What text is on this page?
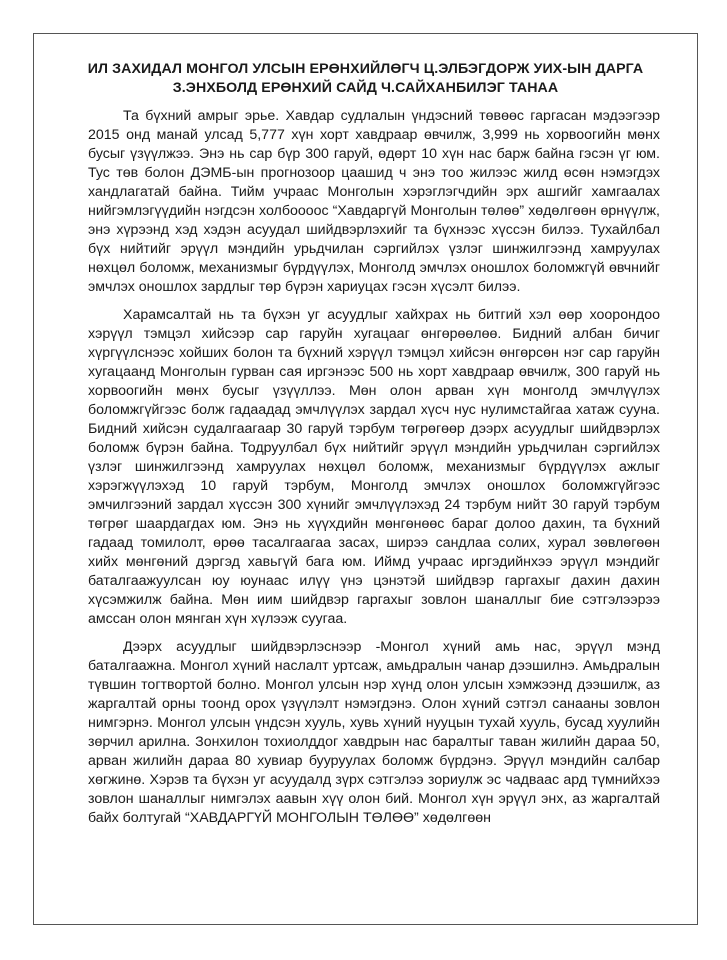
ИЛ ЗАХИДАЛ МОНГОЛ УЛСЫН ЕРӨНХИЙЛӨГЧ Ц.ЭЛБЭГДОРЖ УИХ-ЫН ДАРГА
З.ЭНХБОЛД ЕРӨНХИЙ САЙД Ч.САЙХАНБИЛЭГ ТАНАА

Та бүхний амрыг эрье. Хавдар судлалын үндэсний төвөөс гаргасан мэдээгээр 2015 онд манай улсад 5,777 хүн хорт хавдраар өвчилж, 3,999 нь хорвоогийн мөнх бусыг үзүүлжээ. Энэ нь сар бүр 300 гаруй, өдөрт 10 хүн нас барж байна гэсэн үг юм. Тус төв болон ДЭМБ-ын прогнозоор цаашид ч энэ тоо жилээс жилд өсөн нэмэгдэх хандлагатай байна. Тийм учраас Монголын хэрэглэгчдийн эрх ашгийг хамгаалах нийгэмлэгүүдийн нэгдсэн холбоооос “Хавдаргүй Монголын төлөө” хөдөлгөөн өрнүүлж, энэ хүрээнд хэд хэдэн асуудал шийдвэрлэхийг та бүхнээс хүссэн билээ. Тухайлбал бүх нийтийг эрүүл мэндийн урьдчилан сэргийлэх үзлэг шинжилгээнд хамруулах нөхцөл боломж, механизмыг бүрдүүлэх, Монголд эмчлэх оношлох боломжгүй өвчнийг эмчлэх оношлох зардлыг төр бүрэн хариуцах гэсэн хүсэлт билээ.

Харамсалтай нь та бүхэн уг асуудлыг хайхрах нь битгий хэл өөр хоорондоо хэрүүл тэмцэл хийсээр сар гаруйн хугацааг өнгөрөөлөө. Бидний албан бичиг хүргүүлснээс хойших болон та бүхний хэрүүл тэмцэл хийсэн өнгөрсөн нэг сар гаруйн хугацаанд Монголын гурван сая иргэнээс 500 нь хорт хавдраар өвчилж, 300 гаруй нь хорвоогийн мөнх бусыг үзүүллээ. Мөн олон арван хүн монголд эмчлүүлэх боломжгүйгээс болж гадаадад эмчлүүлэх зардал хүсч нус нулимстайгаа хатаж сууна. Бидний хийсэн судалгаагаар 30 гаруй тэрбум төгрөгөөр дээрх асуудлыг шийдвэрлэх боломж бүрэн байна. Тодруулбал бүх нийтийг эрүүл мэндийн урьдчилан сэргийлэх үзлэг шинжилгээнд хамруулах нөхцөл боломж, механизмыг бүрдүүлэх ажлыг хэрэгжүүлэхэд 10 гаруй тэрбум, Монголд эмчлэх оношлох боломжгүйгээс эмчилгээний зардал хүссэн 300 хүнийг эмчлүүлэхэд 24 тэрбум нийт 30 гаруй тэрбум төгрөг шаардагдах юм. Энэ нь хүүхдийн мөнгөнөөс бараг долоо дахин, та бүхний гадаад томилолт, өрөө тасалгаагаа засах, ширээ сандлаа солих, хурал зөвлөгөөн хийх мөнгөний дэргэд хавьгүй бага юм. Иймд учраас иргэдийнхээ эрүүл мэндийг баталгаажуулсан юу юунаас илүү үнэ цэнэтэй шийдвэр гаргахыг дахин дахин хүсэмжилж байна. Мөн иим шийдвэр гаргахыг зовлон шаналлыг бие сэтгэлээрээ амссан олон мянган хүн хүлээж суугаа.

Дээрх асуудлыг шийдвэрлэснээр -Монгол хүний амь нас, эрүүл мэнд баталгаажна. Монгол хүний наслалт уртсаж, амьдралын чанар дээшилнэ. Амьдралын түвшин тогтвортой болно. Монгол улсын нэр хүнд олон улсын хэмжээнд дээшилж, аз жаргалтай орны тоонд орох үзүүлэлт нэмэгдэнэ. Олон хүний сэтгэл санааны зовлон нимгэрнэ. Монгол улсын үндсэн хууль, хувь хүний нууцын тухай хууль, бусад хуулийн зөрчил арилна. Зонхилон тохиолддог хавдрын нас баралтыг таван жилийн дараа 50, арван жилийн дараа 80 хувиар бууруулах боломж бүрдэнэ. Эрүүл мэндийн салбар хөгжинө. Хэрэв та бүхэн уг асуудалд зүрх сэтгэлээ зориулж эс чадваас ард түмнийхээ зовлон шаналлыг нимгэлэх аавын хүү олон бий. Монгол хүн эрүүл энх, аз жаргалтай байх болтугай “ХАВДАРГҮЙ МОНГОЛЫН ТӨЛӨӨ” хөдөлгөөн
